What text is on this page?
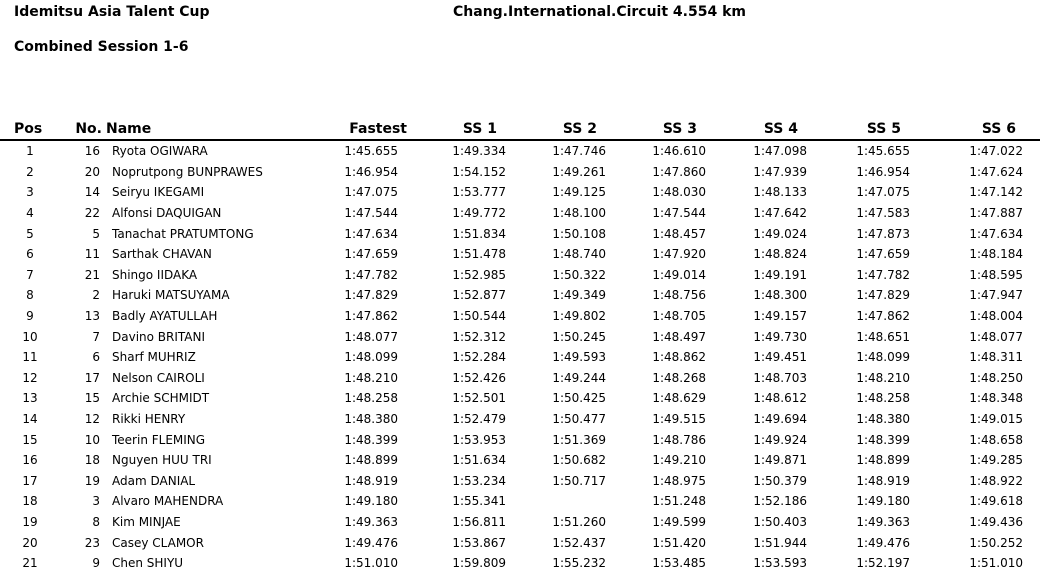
Idemitsu Asia Talent Cup	Chang.International.Circuit 4.554 km
Combined Session 1-6
Pos	No.	Name	Fastest	SS 1	SS 2	SS 3	SS 4	SS 5	SS 6
1	16	Ryota OGIWARA	1:45.655	1:49.334	1:47.746	1:46.610	1:47.098	1:45.655	1:47.022
2	20	Noprutpong BUNPRAWES	1:46.954	1:54.152	1:49.261	1:47.860	1:47.939	1:46.954	1:47.624
3	14	Seiryu IKEGAMI	1:47.075	1:53.777	1:49.125	1:48.030	1:48.133	1:47.075	1:47.142
4	22	Alfonsi DAQUIGAN	1:47.544	1:49.772	1:48.100	1:47.544	1:47.642	1:47.583	1:47.887
5	5	Tanachat PRATUMTONG	1:47.634	1:51.834	1:50.108	1:48.457	1:49.024	1:47.873	1:47.634
6	11	Sarthak CHAVAN	1:47.659	1:51.478	1:48.740	1:47.920	1:48.824	1:47.659	1:48.184
7	21	Shingo IIDAKA	1:47.782	1:52.985	1:50.322	1:49.014	1:49.191	1:47.782	1:48.595
8	2	Haruki MATSUYAMA	1:47.829	1:52.877	1:49.349	1:48.756	1:48.300	1:47.829	1:47.947
9	13	Badly AYATULLAH	1:47.862	1:50.544	1:49.802	1:48.705	1:49.157	1:47.862	1:48.004
10	7	Davino BRITANI	1:48.077	1:52.312	1:50.245	1:48.497	1:49.730	1:48.651	1:48.077
11	6	Sharf MUHRIZ	1:48.099	1:52.284	1:49.593	1:48.862	1:49.451	1:48.099	1:48.311
12	17	Nelson CAIROLI	1:48.210	1:52.426	1:49.244	1:48.268	1:48.703	1:48.210	1:48.250
13	15	Archie SCHMIDT	1:48.258	1:52.501	1:50.425	1:48.629	1:48.612	1:48.258	1:48.348
14	12	Rikki HENRY	1:48.380	1:52.479	1:50.477	1:49.515	1:49.694	1:48.380	1:49.015
15	10	Teerin FLEMING	1:48.399	1:53.953	1:51.369	1:48.786	1:49.924	1:48.399	1:48.658
16	18	Nguyen HUU TRI	1:48.899	1:51.634	1:50.682	1:49.210	1:49.871	1:48.899	1:49.285
17	19	Adam DANIAL	1:48.919	1:53.234	1:50.717	1:48.975	1:50.379	1:48.919	1:48.922
18	3	Alvaro MAHENDRA	1:49.180	1:55.341		1:51.248	1:52.186	1:49.180	1:49.618
19	8	Kim MINJAE	1:49.363	1:56.811	1:51.260	1:49.599	1:50.403	1:49.363	1:49.436
20	23	Casey CLAMOR	1:49.476	1:53.867	1:52.437	1:51.420	1:51.944	1:49.476	1:50.252
21	9	Chen SHIYU	1:51.010	1:59.809	1:55.232	1:53.485	1:53.593	1:52.197	1:51.010
